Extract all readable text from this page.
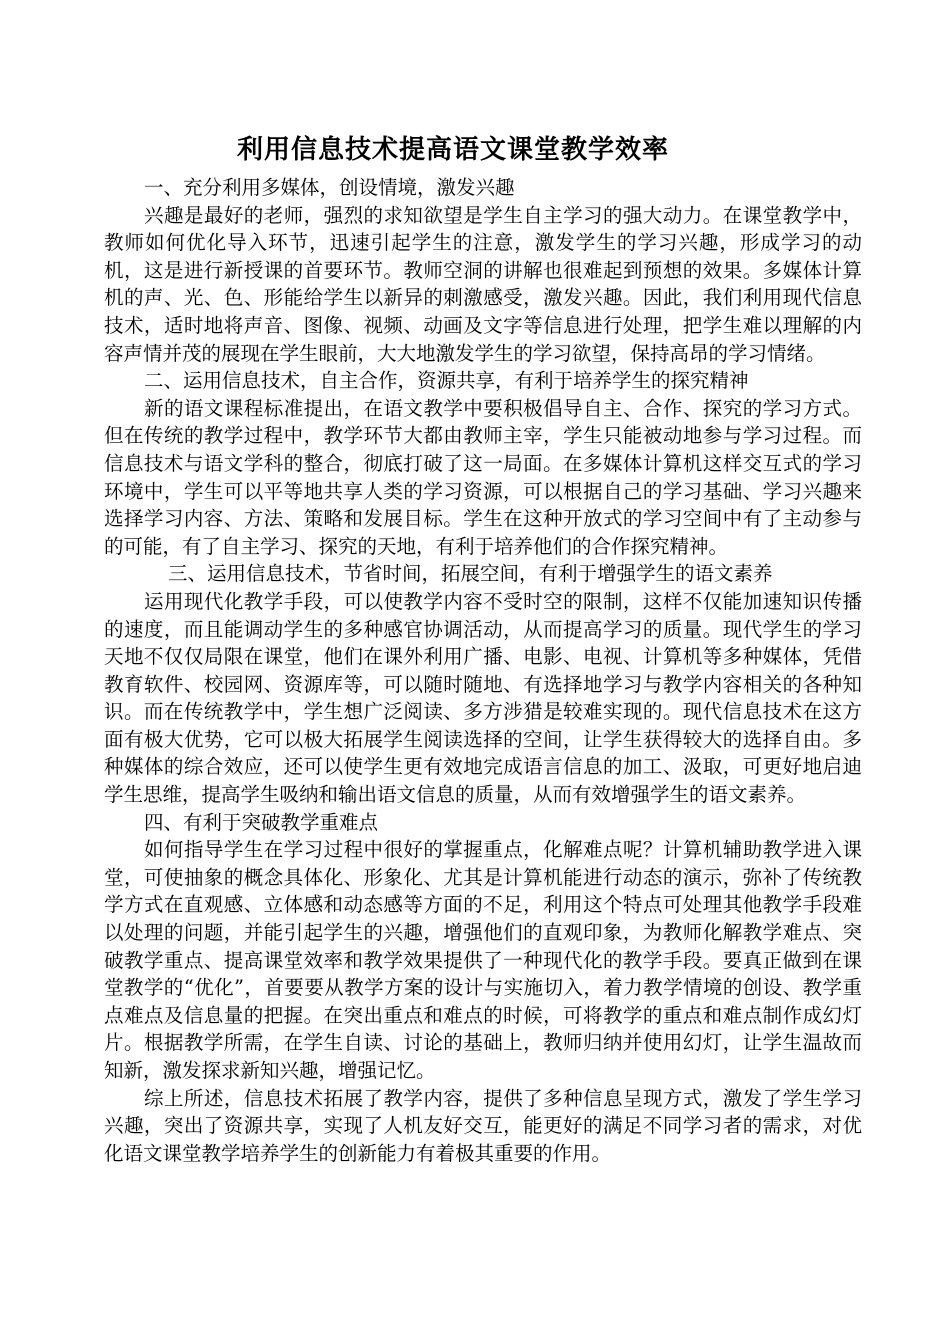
利用信息技术提高语文课堂教学效率

一、充分利用多媒体，创设情境，激发兴趣

兴趣是最好的老师，强烈的求知欲望是学生自主学习的强大动力。在课堂教学中，教师如何优化导入环节，迅速引起学生的注意，激发学生的学习兴趣，形成学习的动机，这是进行新授课的首要环节。教师空洞的讲解也很难起到预想的效果。多媒体计算机的声、光、色、形能给学生以新异的刺激感受，激发兴趣。因此，我们利用现代信息技术，适时地将声音、图像、视频、动画及文字等信息进行处理，把学生难以理解的内容声情并茂的展现在学生眼前，大大地激发学生的学习欲望，保持高昂的学习情绪。

二、运用信息技术，自主合作，资源共享，有利于培养学生的探究精神

新的语文课程标准提出，在语文教学中要积极倡导自主、合作、探究的学习方式。但在传统的教学过程中，教学环节大都由教师主宰，学生只能被动地参与学习过程。而信息技术与语文学科的整合，彻底打破了这一局面。在多媒体计算机这样交互式的学习环境中，学生可以平等地共享人类的学习资源，可以根据自己的学习基础、学习兴趣来选择学习内容、方法、策略和发展目标。学生在这种开放式的学习空间中有了主动参与的可能，有了自主学习、探究的天地，有利于培养他们的合作探究精神。

三、运用信息技术，节省时间，拓展空间，有利于增强学生的语文素养

运用现代化教学手段，可以使教学内容不受时空的限制，这样不仅能加速知识传播的速度，而且能调动学生的多种感官协调活动，从而提高学习的质量。现代学生的学习天地不仅仅局限在课堂，他们在课外利用广播、电影、电视、计算机等多种媒体，凭借教育软件、校园网、资源库等，可以随时随地、有选择地学习与教学内容相关的各种知识。而在传统教学中，学生想广泛阅读、多方涉猎是较难实现的。现代信息技术在这方面有极大优势，它可以极大拓展学生阅读选择的空间，让学生获得较大的选择自由。多种媒体的综合效应，还可以使学生更有效地完成语言信息的加工、汲取，可更好地启迪学生思维，提高学生吸纳和输出语文信息的质量，从而有效增强学生的语文素养。

四、有利于突破教学重难点

如何指导学生在学习过程中很好的掌握重点，化解难点呢？计算机辅助教学进入课堂，可使抽象的概念具体化、形象化、尤其是计算机能进行动态的演示，弥补了传统教学方式在直观感、立体感和动态感等方面的不足，利用这个特点可处理其他教学手段难以处理的问题，并能引起学生的兴趣，增强他们的直观印象，为教师化解教学难点、突破教学重点、提高课堂效率和教学效果提供了一种现代化的教学手段。要真正做到在课堂教学的“优化”，首要要从教学方案的设计与实施切入，着力教学情境的创设、教学重点难点及信息量的把握。在突出重点和难点的时候，可将教学的重点和难点制作成幻灯片。根据教学所需，在学生自读、讨论的基础上，教师归纳并使用幻灯，让学生温故而知新，激发探求新知兴趣，增强记忆。

综上所述，信息技术拓展了教学内容，提供了多种信息呈现方式，激发了学生学习兴趣，突出了资源共享，实现了人机友好交互，能更好的满足不同学习者的需求，对优化语文课堂教学培养学生的创新能力有着极其重要的作用。
